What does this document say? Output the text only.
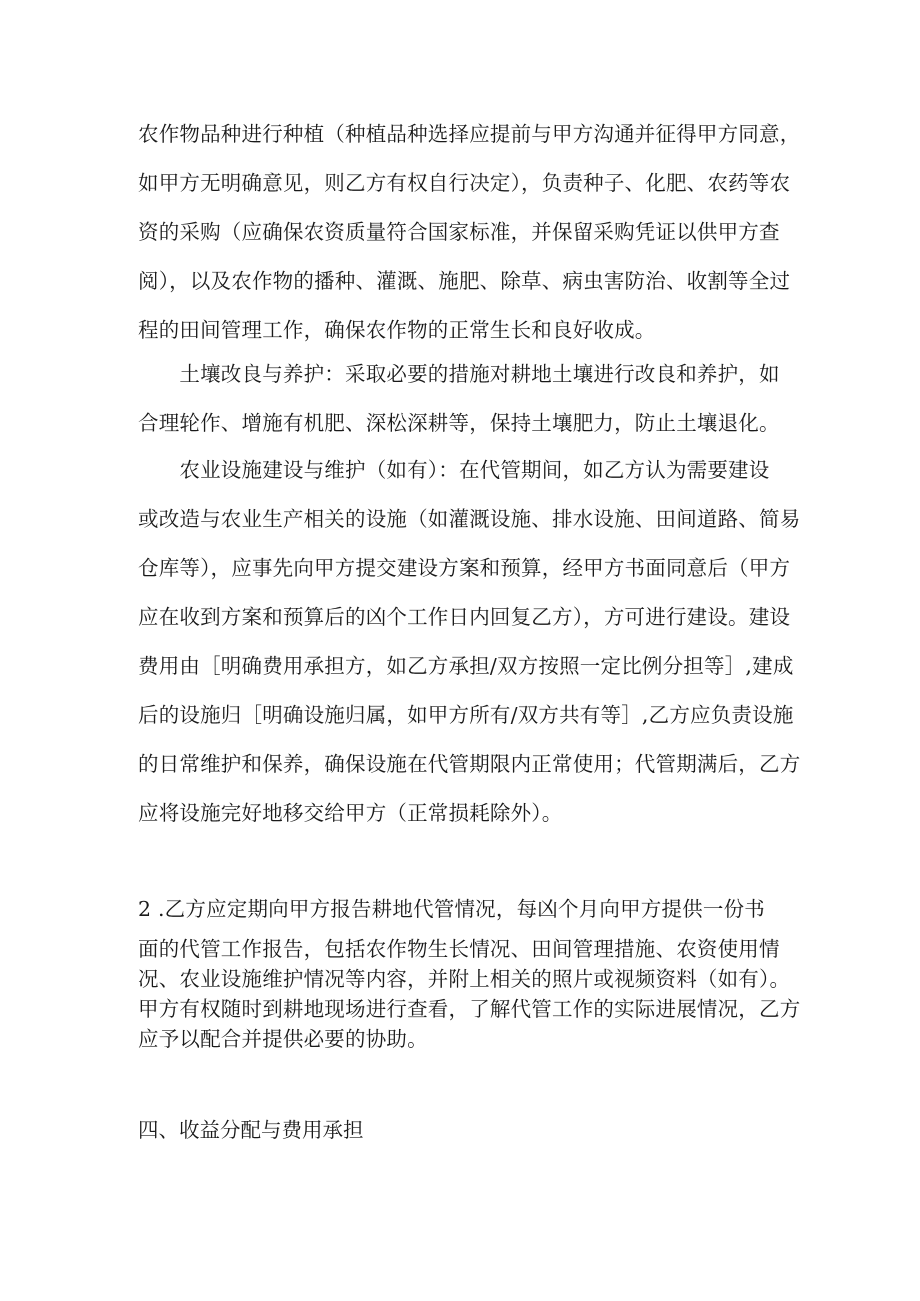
农作物品种进行种植（种植品种选择应提前与甲方沟通并征得甲方同意，
如甲方无明确意见，则乙方有权自行决定），负责种子、化肥、农药等农
资的采购（应确保农资质量符合国家标准，并保留采购凭证以供甲方查
阅），以及农作物的播种、灌溉、施肥、除草、病虫害防治、收割等全过
程的田间管理工作，确保农作物的正常生长和良好收成。
　　土壤改良与养护：采取必要的措施对耕地土壤进行改良和养护，如
合理轮作、增施有机肥、深松深耕等，保持土壤肥力，防止土壤退化。
　　农业设施建设与维护（如有）：在代管期间，如乙方认为需要建设
或改造与农业生产相关的设施（如灌溉设施、排水设施、田间道路、简易
仓库等），应事先向甲方提交建设方案和预算，经甲方书面同意后（甲方
应在收到方案和预算后的凶个工作日内回复乙方），方可进行建设。建设
费用由［明确费用承担方，如乙方承担/双方按照一定比例分担等］,建成
后的设施归［明确设施归属，如甲方所有/双方共有等］,乙方应负责设施
的日常维护和保养，确保设施在代管期限内正常使用；代管期满后，乙方
应将设施完好地移交给甲方（正常损耗除外）。
2 .乙方应定期向甲方报告耕地代管情况，每凶个月向甲方提供一份书
面的代管工作报告，包括农作物生长情况、田间管理措施、农资使用情
况、农业设施维护情况等内容，并附上相关的照片或视频资料（如有）。
甲方有权随时到耕地现场进行查看，了解代管工作的实际进展情况，乙方
应予以配合并提供必要的协助。
四、收益分配与费用承担
